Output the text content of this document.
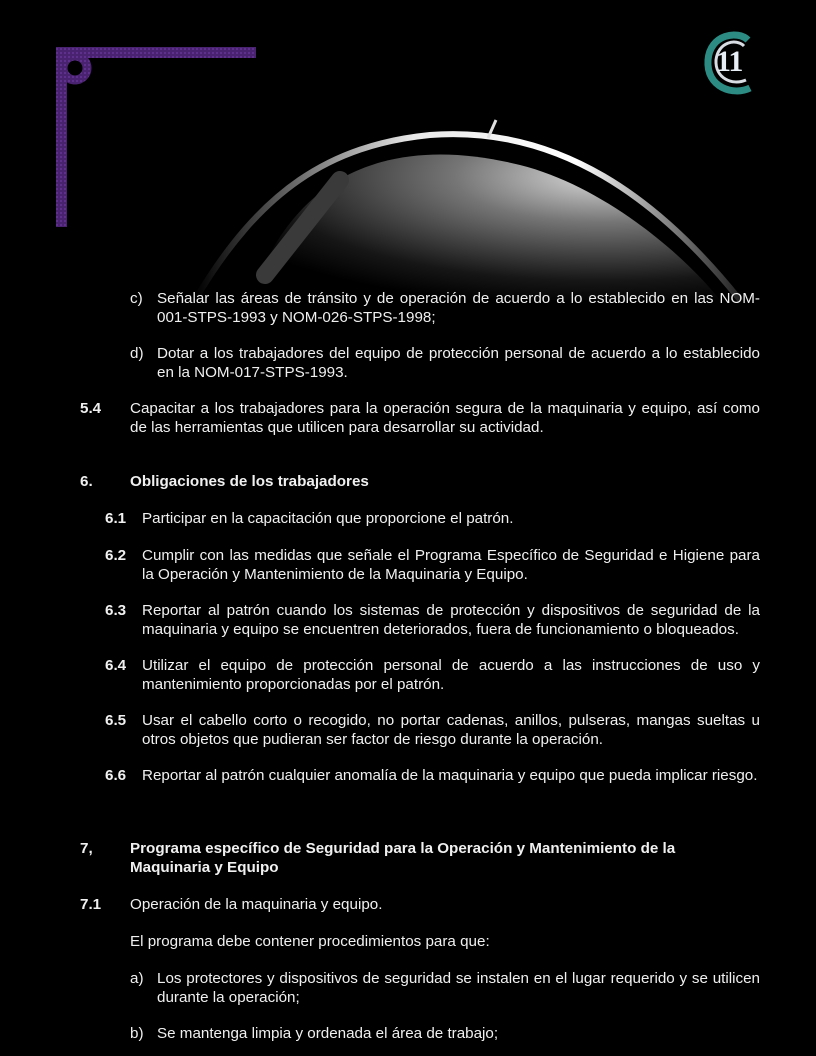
11
c) Señalar las áreas de tránsito y de operación de acuerdo a lo establecido en las NOM-001-STPS-1993 y NOM-026-STPS-1998;
d) Dotar a los trabajadores del equipo de protección personal de acuerdo a lo establecido en la NOM-017-STPS-1993.
5.4 Capacitar a los trabajadores para la operación segura de la maquinaria y equipo, así como de las herramientas que utilicen para desarrollar su actividad.
6. Obligaciones de los trabajadores
6.1 Participar en la capacitación que proporcione el patrón.
6.2 Cumplir con las medidas que señale el Programa Específico de Seguridad e Higiene para la Operación y Mantenimiento de la Maquinaria y Equipo.
6.3 Reportar al patrón cuando los sistemas de protección y dispositivos de seguridad de la maquinaria y equipo se encuentren deteriorados, fuera de funcionamiento o bloqueados.
6.4 Utilizar el equipo de protección personal de acuerdo a las instrucciones de uso y mantenimiento proporcionadas por el patrón.
6.5 Usar el cabello corto o recogido, no portar cadenas, anillos, pulseras, mangas sueltas u otros objetos que pudieran ser factor de riesgo durante la operación.
6.6 Reportar al patrón cualquier anomalía de la maquinaria y equipo que pueda implicar riesgo.
7, Programa específico de Seguridad para la Operación y Mantenimiento de la Maquinaria y Equipo
7.1 Operación de la maquinaria y equipo.
El programa debe contener procedimientos para que:
a) Los protectores y dispositivos de seguridad se instalen en el lugar requerido y se utilicen durante la operación;
b) Se mantenga limpia y ordenada el área de trabajo;
